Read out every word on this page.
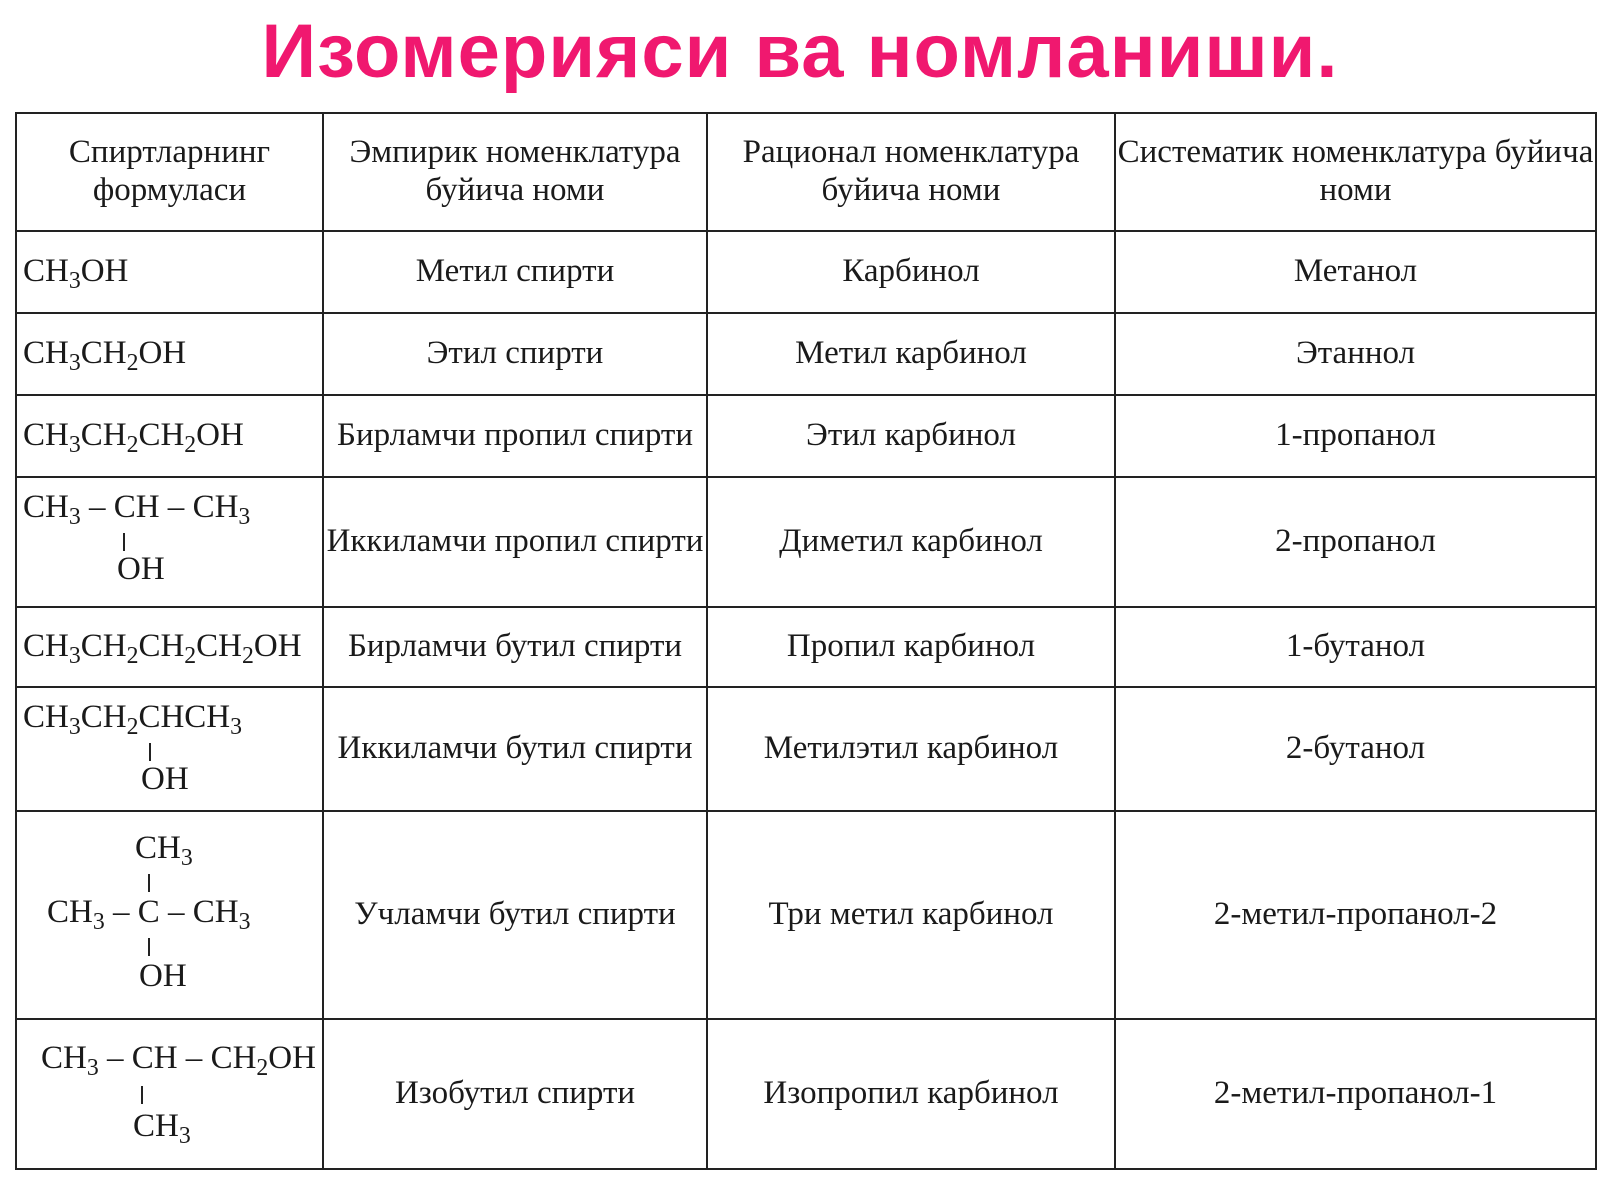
Изомерияси ва номланиши.
Спиртларнинг формуласи	Эмпирик номенклатура буйича номи	Рационал номенклатура буйича номи	Систематик номенклатура буйича номи

$CH_3OH$	Метил спирти	Карбинол	Метанол

$CH_3CH_2OH$	Этил спирти	Метил карбинол	Этаннол

$CH_3CH_2CH_2OH$	Бирламчи пропил спирти	Этил карбинол	1-пропанол

$CH_3$ – CH – $CH_3$
OH	Иккиламчи пропил спирти	Диметил карбинол	2-пропанол

$CH_3CH_2CH_2CH_2OH$	Бирламчи бутил спирти	Пропил карбинол	1-бутанол

$CH_3CH_2CHCH_3$
OH	Иккиламчи бутил спирти	Метилэтил карбинол	2-бутанол

$CH_3$
$CH_3$ – C – $CH_3$
OH	Учламчи бутил спирти	Три метил карбинол	2-метил-пропанол-2

$CH_3$ – CH – $CH_2OH$
$CH_3$	Изобутил спирти	Изопропил карбинол	2-метил-пропанол-1
